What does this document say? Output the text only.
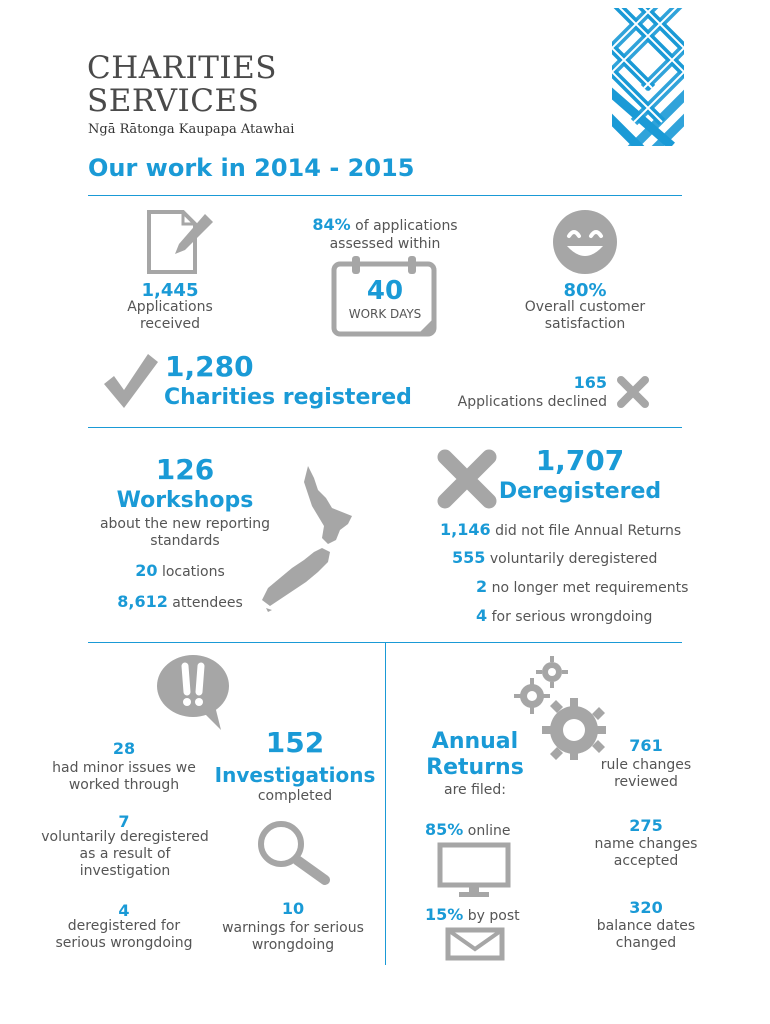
CHARITIES
SERVICES
Ngā Rātonga Kaupapa Atawhai
Our work in 2014 - 2015
1,445
Applications received
84% of applications
assessed within
40
WORK DAYS
80%
Overall customer satisfaction
1,280
Charities registered
165
Applications declined
126
Workshops
about the new reporting standards
20 locations
8,612 attendees
1,707
Deregistered
1,146 did not file Annual Returns
555 voluntarily deregistered
2 no longer met requirements
4 for serious wrongdoing
28
had minor issues we worked through
152
Investigations
completed
7
voluntarily deregistered as a result of investigation
4
deregistered for serious wrongdoing
10
warnings for serious wrongdoing
Annual
Returns
are filed:
85% online
15% by post
761
rule changes reviewed
275
name changes accepted
320
balance dates changed
